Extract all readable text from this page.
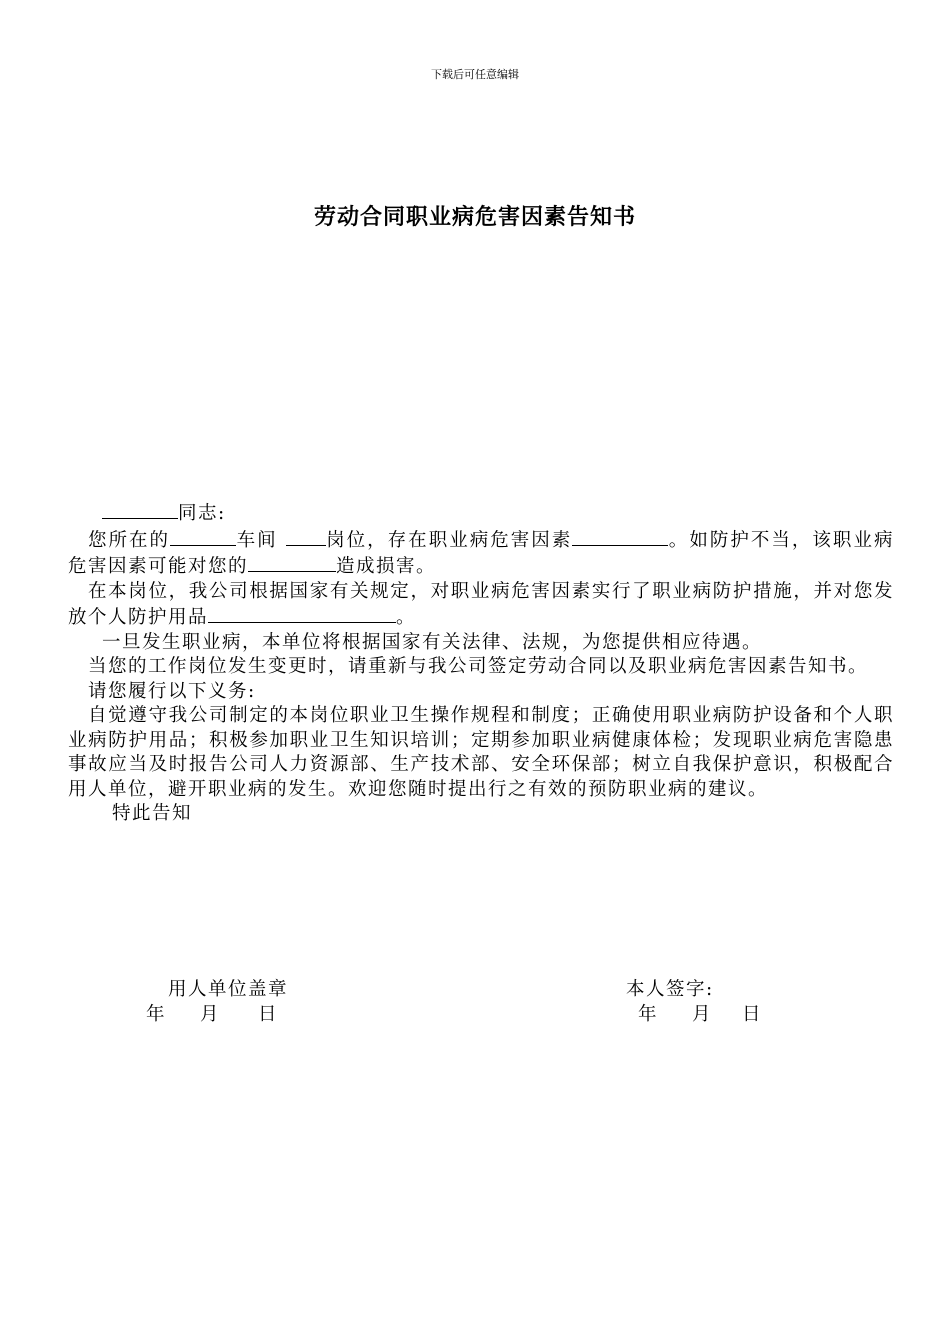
下载后可任意编辑
劳动合同职业病危害因素告知书

同志:

您所在的	车间	岗位，存在职业病危害因素	。如防护不当，该职业病危害因素可能对您的	造成损害。

在本岗位，我公司根据国家有关规定，对职业病危害因素实行了职业病防护措施，并对您发放个人防护用品	。

一旦发生职业病，本单位将根据国家有关法律、法规，为您提供相应待遇。

当您的工作岗位发生变更时，请重新与我公司签定劳动合同以及职业病危害因素告知书。

请您履行以下义务:

自觉遵守我公司制定的本岗位职业卫生操作规程和制度；正确使用职业病防护设备和个人职业病防护用品；积极参加职业卫生知识培训；定期参加职业病健康体检；发现职业病危害隐患事故应当及时报告公司人力资源部、生产技术部、安全环保部；树立自我保护意识，积极配合用人单位，避开职业病的发生。欢迎您随时提出行之有效的预防职业病的建议。

特此告知

用人单位盖章
年 月 日
本人签字:
年 月 日
